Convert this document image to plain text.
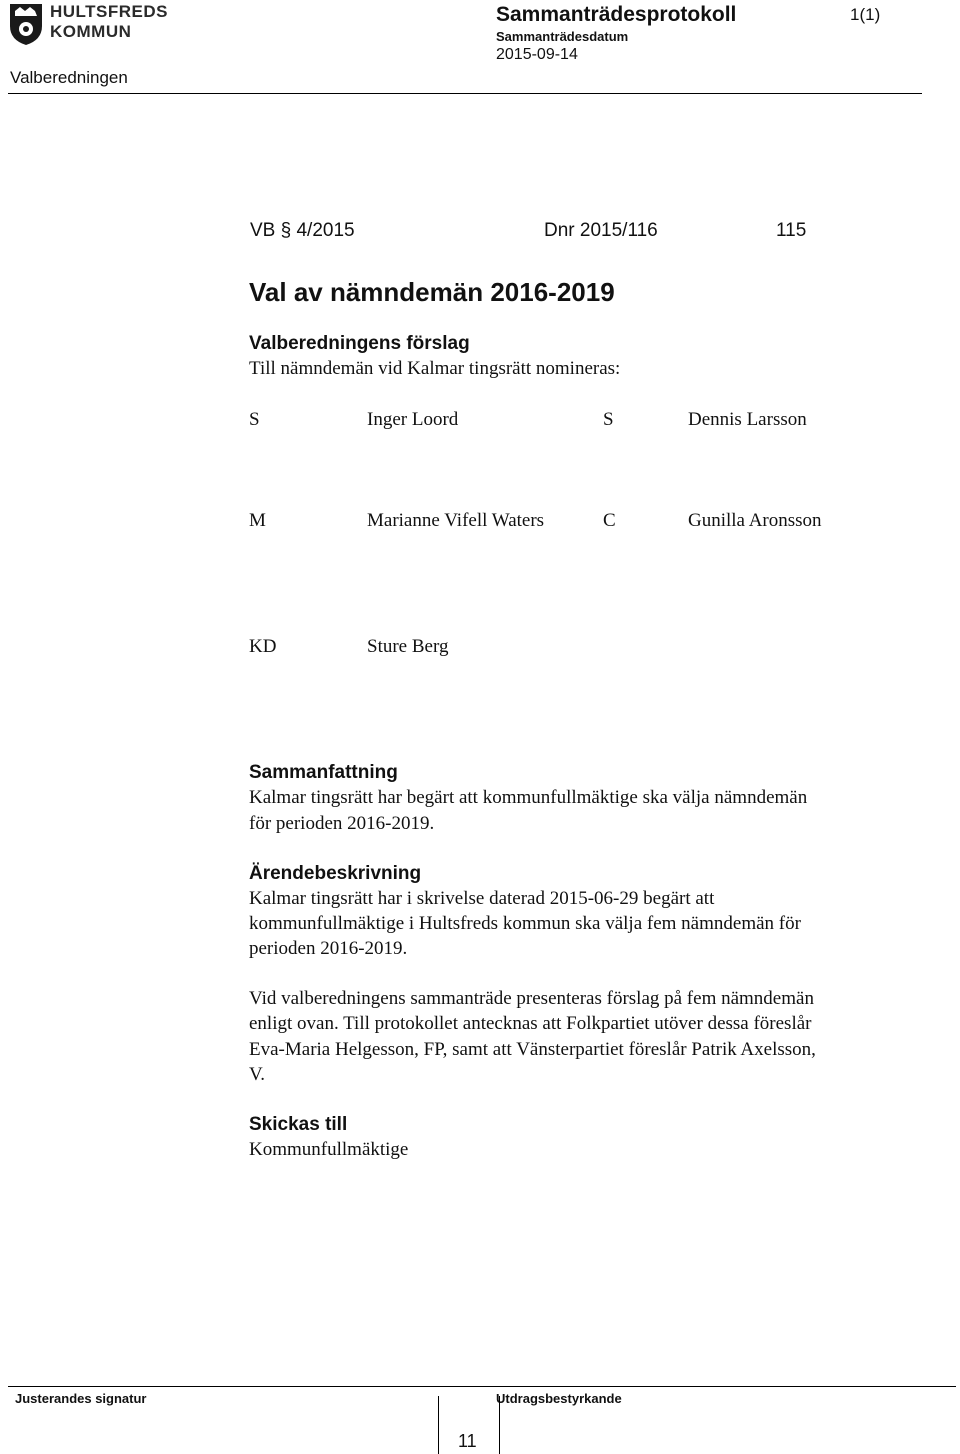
HULTSFREDS
KOMMUN
Sammanträdesprotokoll	1(1)
Sammanträdesdatum
2015-09-14
Valberedningen
VB § 4/2015	Dnr 2015/116	115
Val av nämndemän 2016-2019
Valberedningens förslag
Till nämndemän vid Kalmar tingsrätt nomineras:
S	Inger Loord	S	Dennis Larsson
M	Marianne Vifell Waters	C	Gunilla Aronsson
KD	Sture Berg
Sammanfattning
Kalmar tingsrätt har begärt att kommunfullmäktige ska välja nämndemän
för perioden 2016-2019.
Ärendebeskrivning
Kalmar tingsrätt har i skrivelse daterad 2015-06-29 begärt att
kommunfullmäktige i Hultsfreds kommun ska välja fem nämndemän för
perioden 2016-2019.
Vid valberedningens sammanträde presenteras förslag på fem nämndemän
enligt ovan. Till protokollet antecknas att Folkpartiet utöver dessa föreslår
Eva-Maria Helgesson, FP, samt att Vänsterpartiet föreslår Patrik Axelsson,
V.
Skickas till
Kommunfullmäktige
Justerandes signatur	Utdragsbestyrkande
11
